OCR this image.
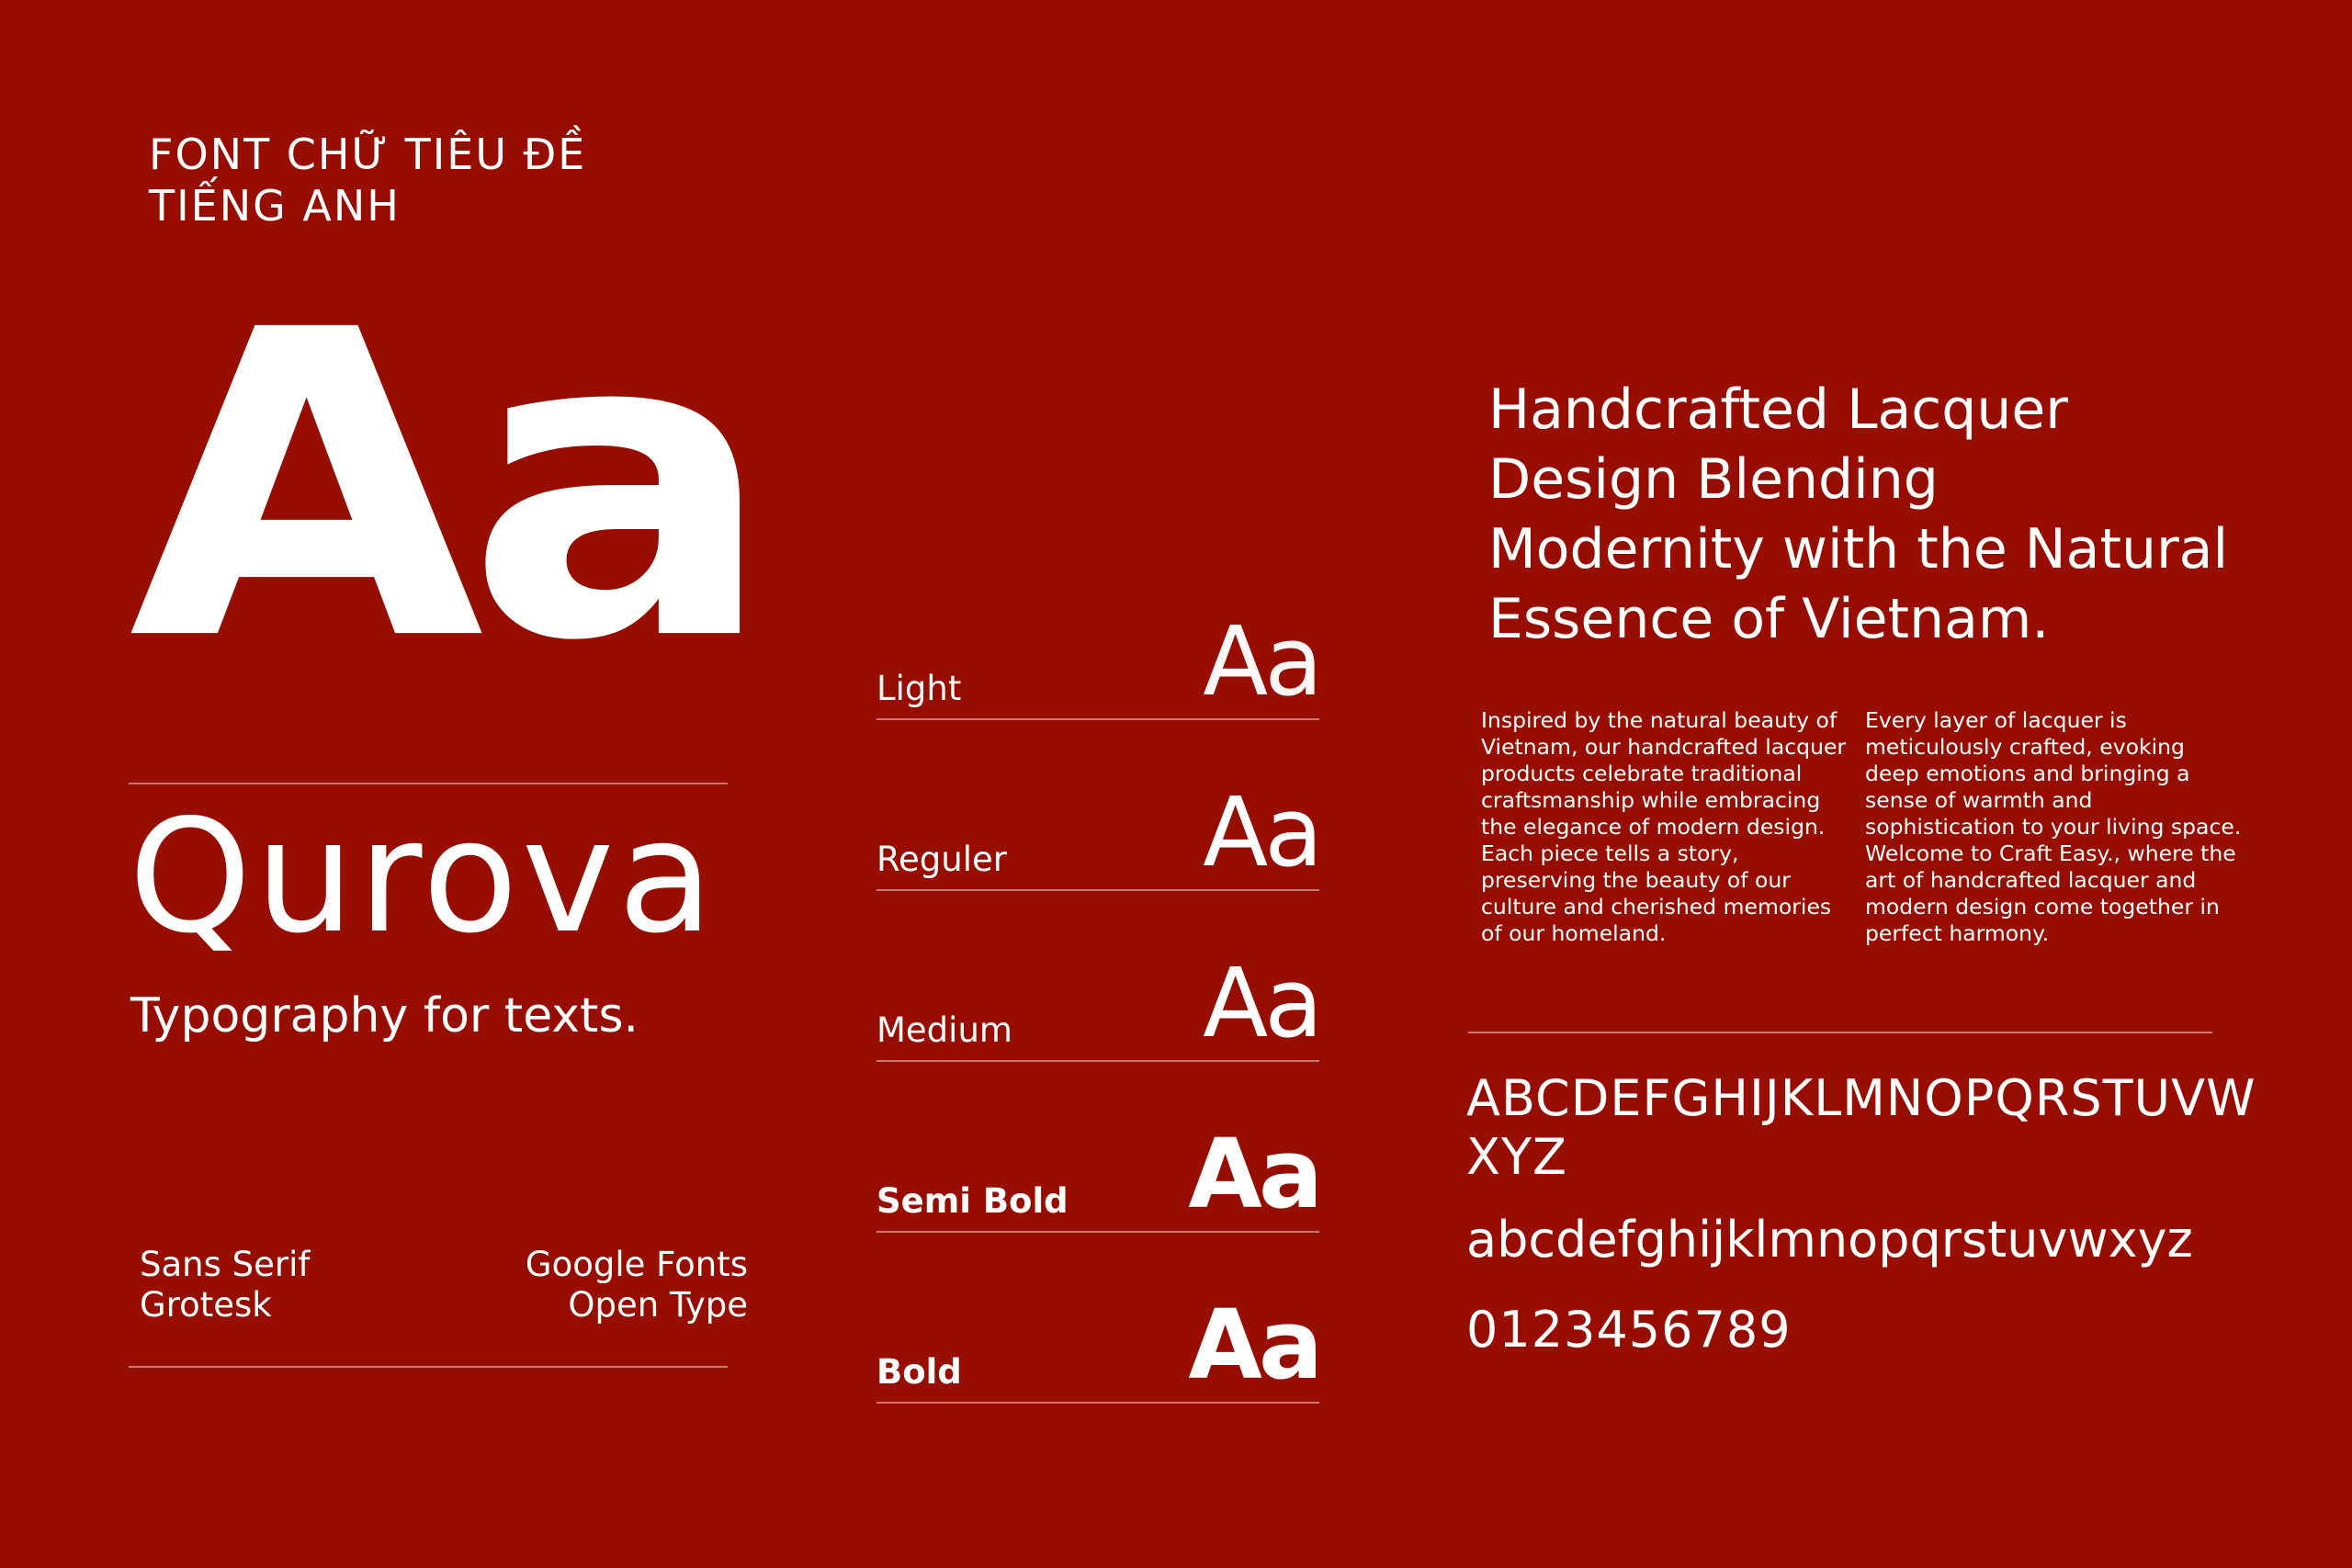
FONT CHỮ TIÊU ĐỀ
TIẾNG ANH
Aa
Qurova
Typography for texts.
Sans Serif
Grotesk
Google Fonts
Open Type
Light	Aa
Reguler Aa
Medium Aa
Semi Bold Aa
Bold Aa
Handcrafted Lacquer
Design Blending
Modernity with the Natural
Essence of Vietnam.

Inspired by the natural beauty of Vietnam, our handcrafted lacquer products celebrate traditional craftsmanship while embracing the elegance of modern design. Each piece tells a story, preserving the beauty of our culture and cherished memories of our homeland.

Every layer of lacquer is meticulously crafted, evoking deep emotions and bringing a sense of warmth and sophistication to your living space. Welcome to Craft Easy., where the art of handcrafted lacquer and modern design come together in perfect harmony.

ABCDEFGHIJKLMNOPQRSTUVWXYZ
abcdefghijklmnopqrstuvwxyz
0123456789
